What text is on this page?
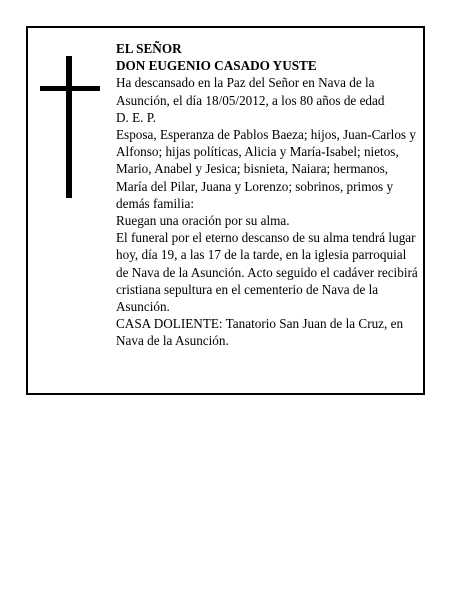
EL SEÑOR

DON EUGENIO CASADO YUSTE

Ha descansado en la Paz del Señor en Nava de la Asunción, el día 18/05/2012, a los 80 años de edad

D. E. P.

Esposa, Esperanza de Pablos Baeza; hijos, Juan-Carlos y Alfonso; hijas políticas, Alicia y María-Isabel; nietos, Mario, Anabel y Jesica; bisnieta, Naiara; hermanos, María del Pilar, Juana y Lorenzo; sobrinos, primos y demás familia:

Ruegan una oración por su alma.

El funeral por el eterno descanso de su alma tendrá lugar hoy, día 19, a las 17 de la tarde, en la iglesia parroquial de Nava de la Asunción. Acto seguido el cadáver recibirá cristiana sepultura en el cementerio de Nava de la Asunción.

CASA DOLIENTE: Tanatorio San Juan de la Cruz, en Nava de la Asunción.
